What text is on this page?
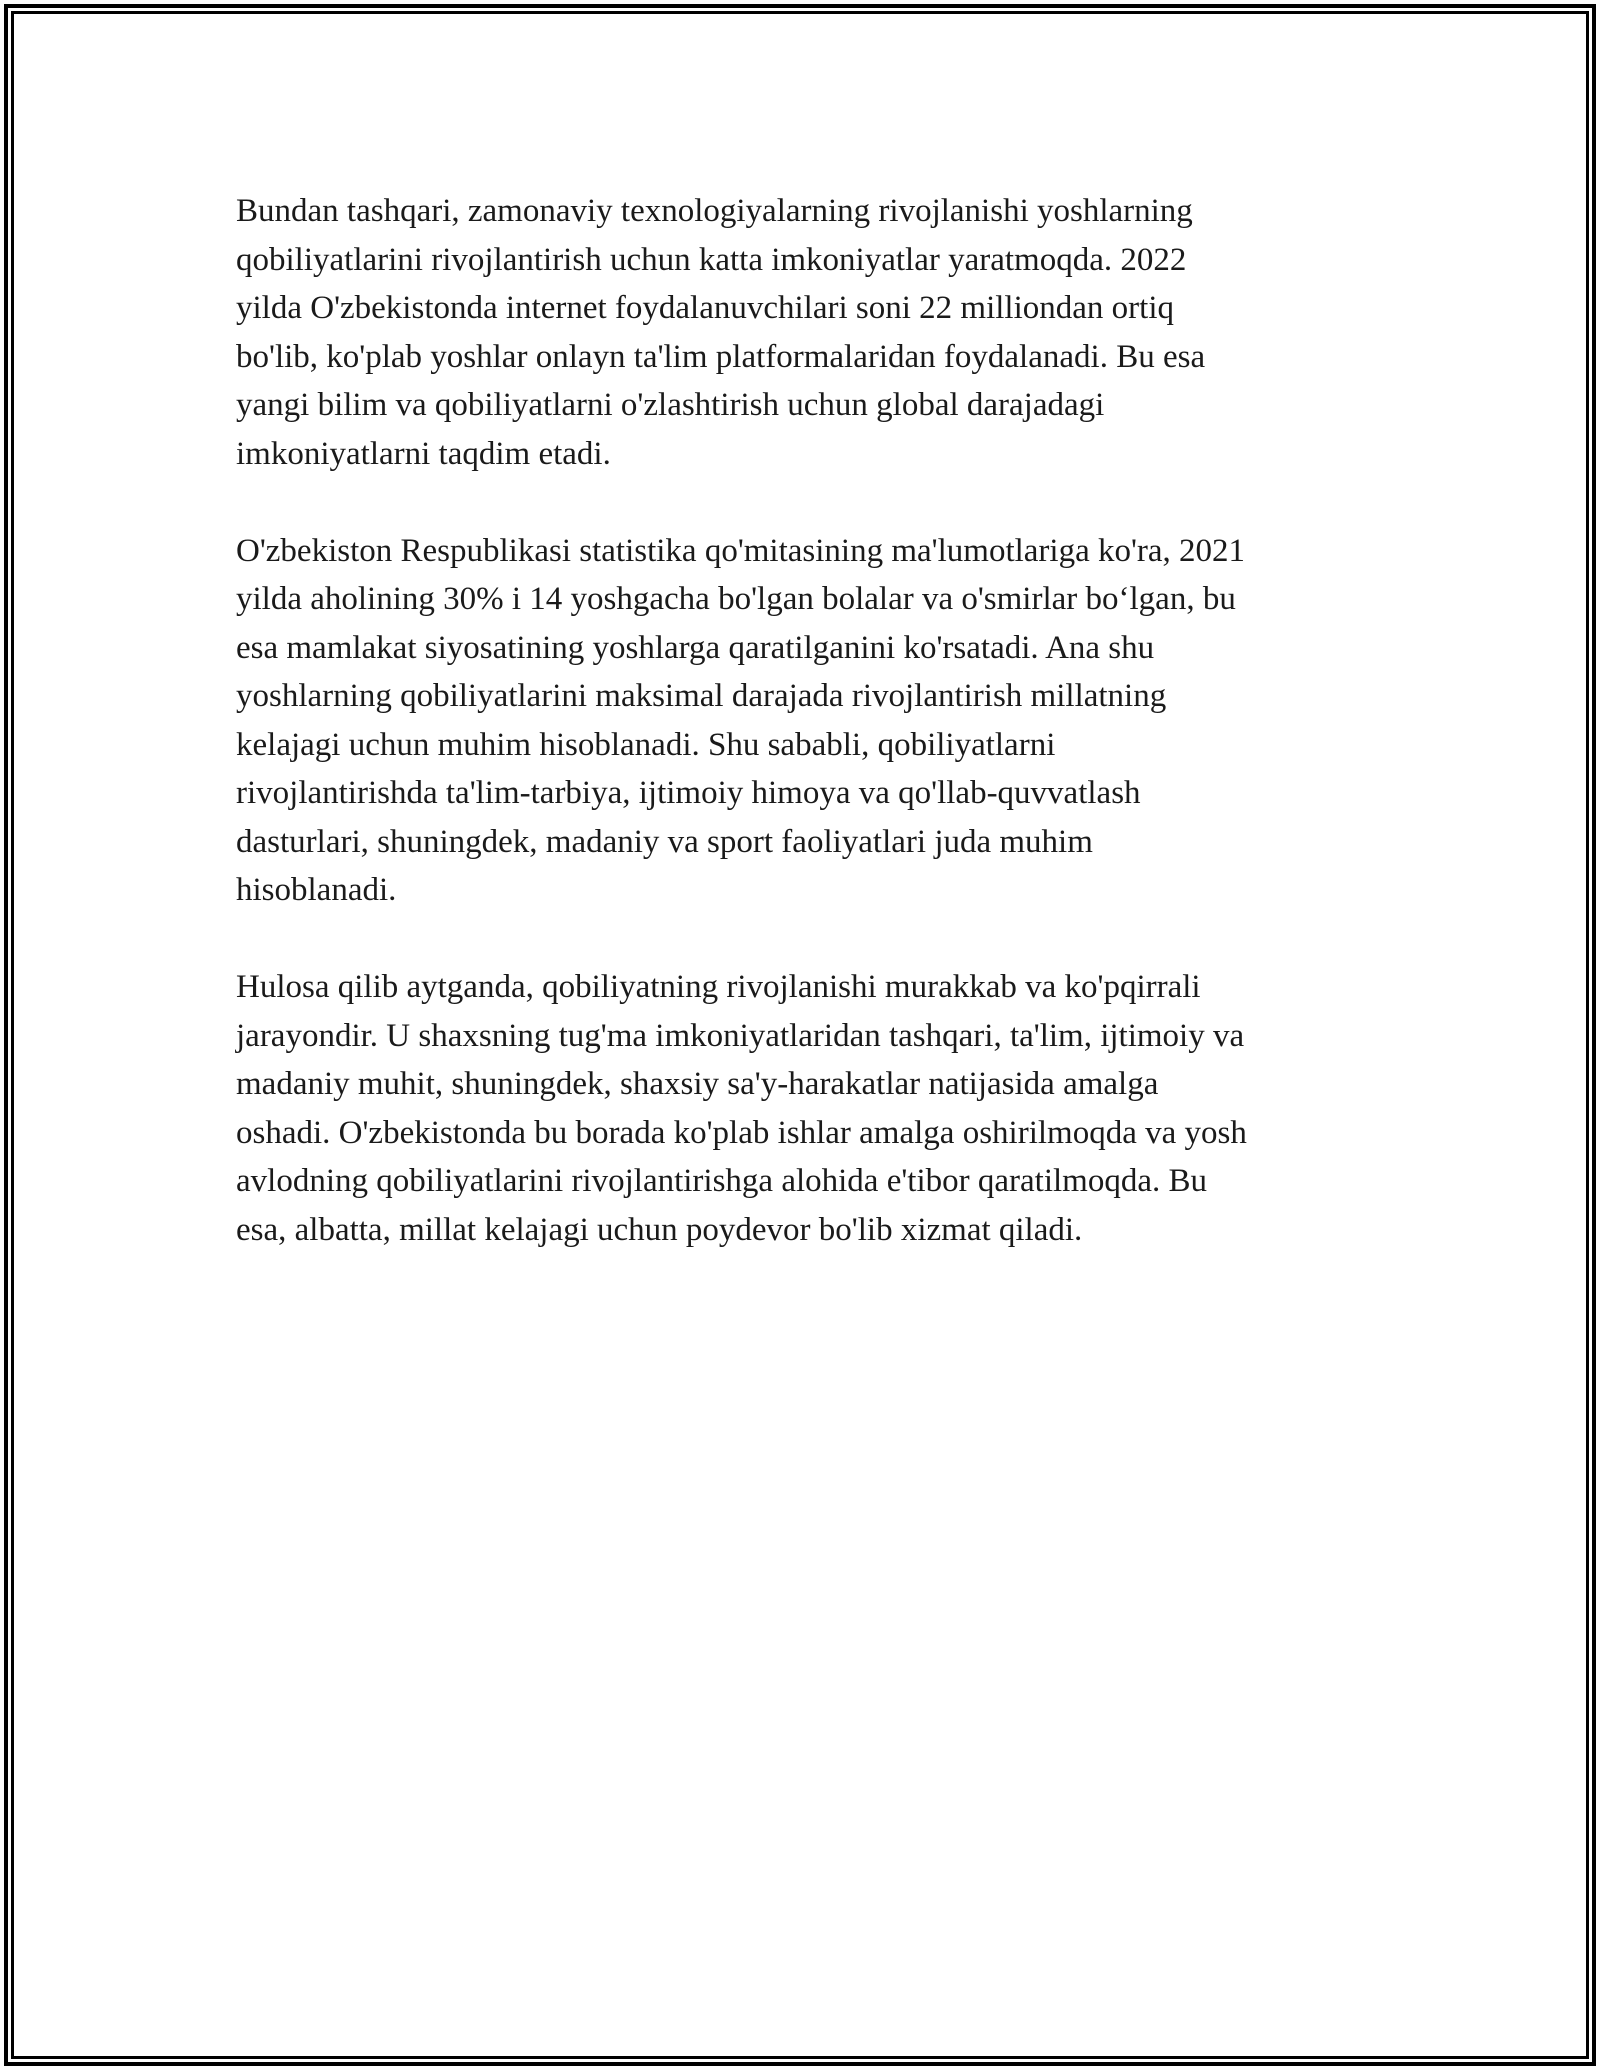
Bundan tashqari, zamonaviy texnologiyalarning rivojlanishi yoshlarning
qobiliyatlarini rivojlantirish uchun katta imkoniyatlar yaratmoqda. 2022
yilda O'zbekistonda internet foydalanuvchilari soni 22 milliondan ortiq
bo'lib, ko'plab yoshlar onlayn ta'lim platformalaridan foydalanadi. Bu esa
yangi bilim va qobiliyatlarni o'zlashtirish uchun global darajadagi
imkoniyatlarni taqdim etadi.

O'zbekiston Respublikasi statistika qo'mitasining ma'lumotlariga ko'ra, 2021
yilda aholining 30% i 14 yoshgacha bo'lgan bolalar va o'smirlar bo‘lgan, bu
esa mamlakat siyosatining yoshlarga qaratilganini ko'rsatadi. Ana shu
yoshlarning qobiliyatlarini maksimal darajada rivojlantirish millatning
kelajagi uchun muhim hisoblanadi. Shu sababli, qobiliyatlarni
rivojlantirishda ta'lim-tarbiya, ijtimoiy himoya va qo'llab-quvvatlash
dasturlari, shuningdek, madaniy va sport faoliyatlari juda muhim
hisoblanadi.

Hulosa qilib aytganda, qobiliyatning rivojlanishi murakkab va ko'pqirrali
jarayondir. U shaxsning tug'ma imkoniyatlaridan tashqari, ta'lim, ijtimoiy va
madaniy muhit, shuningdek, shaxsiy sa'y-harakatlar natijasida amalga
oshadi. O'zbekistonda bu borada ko'plab ishlar amalga oshirilmoqda va yosh
avlodning qobiliyatlarini rivojlantirishga alohida e'tibor qaratilmoqda. Bu
esa, albatta, millat kelajagi uchun poydevor bo'lib xizmat qiladi.
